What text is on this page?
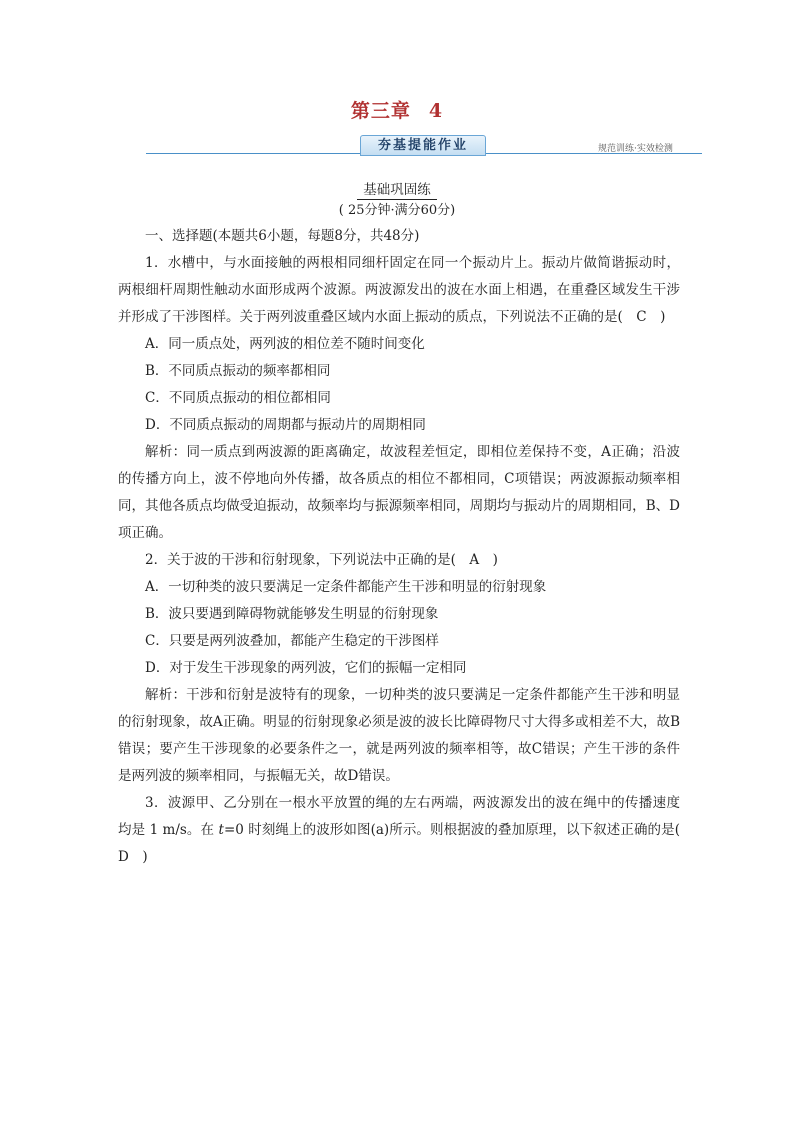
第三章 4
夯基提能作业	规范训练·实效检测
基础巩固练
( 25分钟·满分60分)

一、选择题(本题共6小题，每题8分，共48分)

1．水槽中，与水面接触的两根相同细杆固定在同一个振动片上。振动片做简谐振动时，两根细杆周期性触动水面形成两个波源。两波源发出的波在水面上相遇，在重叠区域发生干涉并形成了干涉图样。关于两列波重叠区域内水面上振动的质点，下列说法不正确的是(　C　)

A．同一质点处，两列波的相位差不随时间变化

B．不同质点振动的频率都相同

C．不同质点振动的相位都相同

D．不同质点振动的周期都与振动片的周期相同

解析：同一质点到两波源的距离确定，故波程差恒定，即相位差保持不变，A正确；沿波的传播方向上，波不停地向外传播，故各质点的相位不都相同，C项错误；两波源振动频率相同，其他各质点均做受迫振动，故频率均与振源频率相同，周期均与振动片的周期相同，B、D项正确。

2．关于波的干涉和衍射现象，下列说法中正确的是(　A　)

A．一切种类的波只要满足一定条件都能产生干涉和明显的衍射现象

B．波只要遇到障碍物就能够发生明显的衍射现象

C．只要是两列波叠加，都能产生稳定的干涉图样

D．对于发生干涉现象的两列波，它们的振幅一定相同

解析：干涉和衍射是波特有的现象，一切种类的波只要满足一定条件都能产生干涉和明显的衍射现象，故A正确。明显的衍射现象必须是波的波长比障碍物尺寸大得多或相差不大，故B错误；要产生干涉现象的必要条件之一，就是两列波的频率相等，故C错误；产生干涉的条件是两列波的频率相同，与振幅无关，故D错误。

3．波源甲、乙分别在一根水平放置的绳的左右两端，两波源发出的波在绳中的传播速度均是 1 m/s。在 t=0 时刻绳上的波形如图(a)所示。则根据波的叠加原理，以下叙述正确的是(　D　)
